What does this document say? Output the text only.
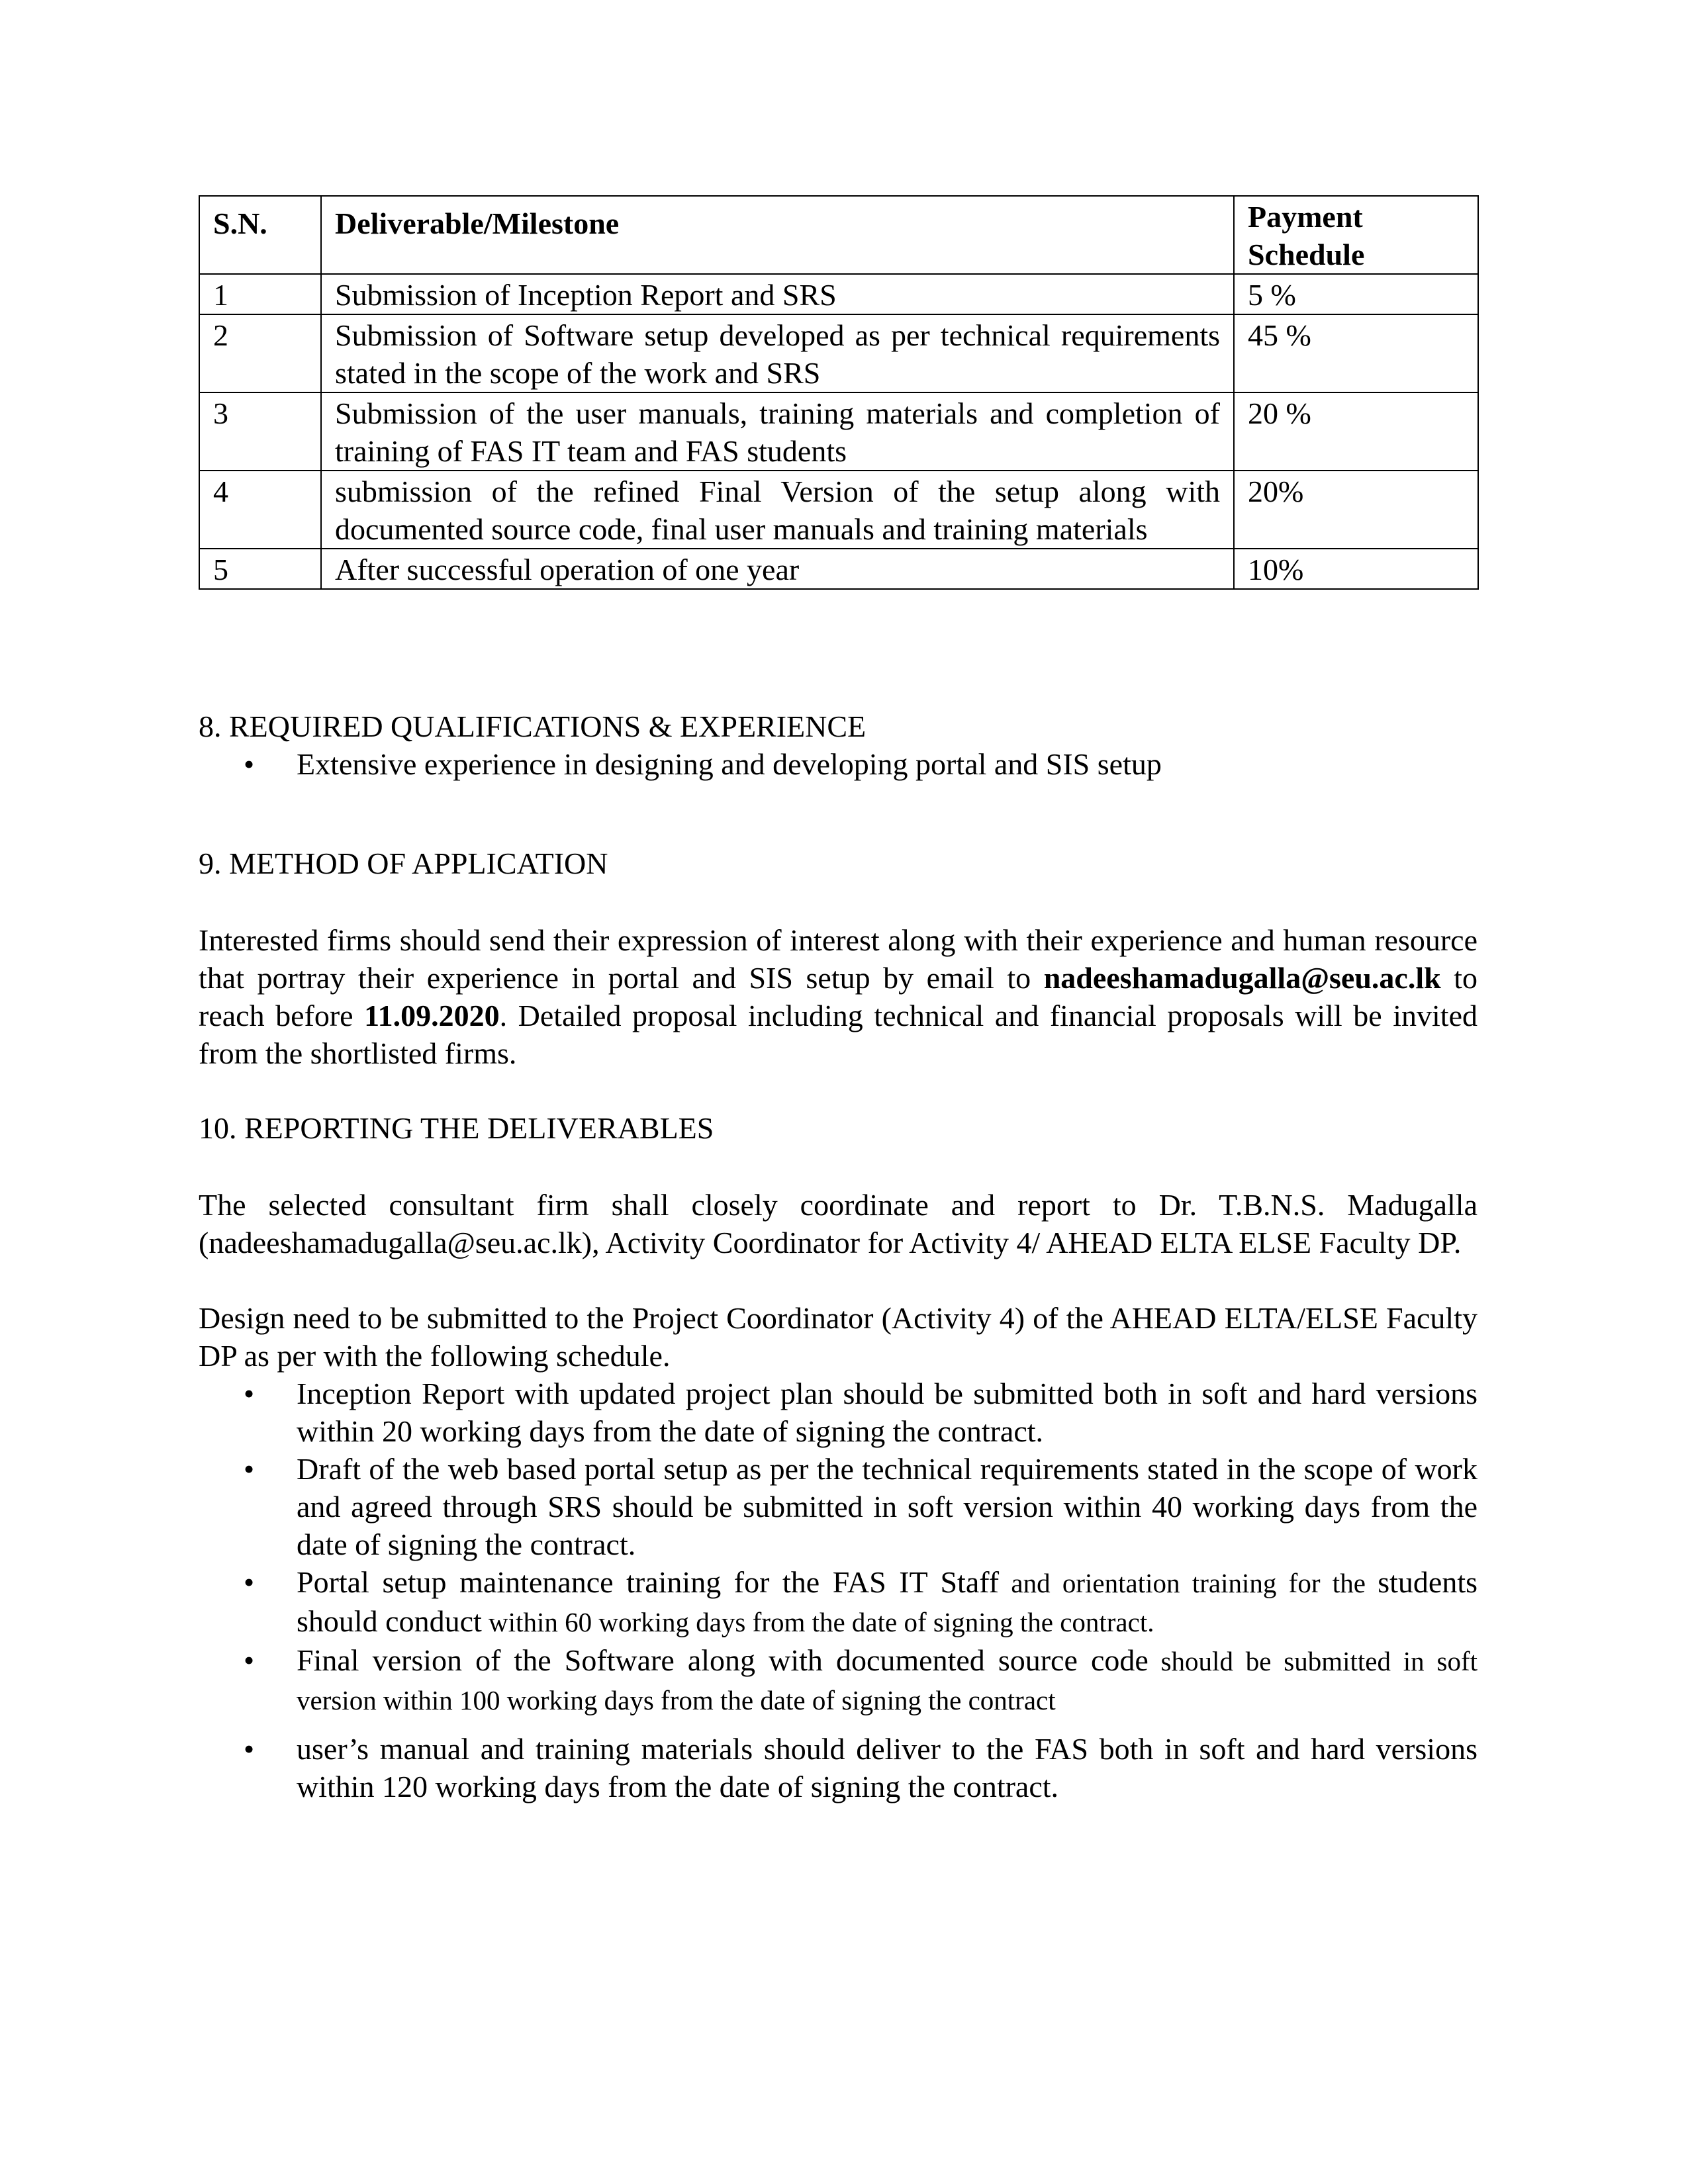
S.N.	Deliverable/Milestone	Payment Schedule
1	Submission of Inception Report and SRS	5 %
2	Submission of Software setup developed as per technical requirements stated in the scope of the work and SRS	45 %
3	Submission of the user manuals, training materials and completion of training of FAS IT team and FAS students	20 %
4	submission of the refined Final Version of the setup along with documented source code, final user manuals and training materials	20%
5	After successful operation of one year	10%

8. REQUIRED QUALIFICATIONS & EXPERIENCE

• Extensive experience in designing and developing portal and SIS setup

9. METHOD OF APPLICATION

Interested firms should send their expression of interest along with their experience and human resource that portray their experience in portal and SIS setup by email to nadeeshamadugalla@seu.ac.lk to reach before 11.09.2020. Detailed proposal including technical and financial proposals will be invited from the shortlisted firms.

10. REPORTING THE DELIVERABLES

The selected consultant firm shall closely coordinate and report to Dr. T.B.N.S. Madugalla (nadeeshamadugalla@seu.ac.lk), Activity Coordinator for Activity 4/ AHEAD ELTA ELSE Faculty DP.

Design need to be submitted to the Project Coordinator (Activity 4) of the AHEAD ELTA/ELSE Faculty DP as per with the following schedule.

• Inception Report with updated project plan should be submitted both in soft and hard versions within 20 working days from the date of signing the contract.
• Draft of the web based portal setup as per the technical requirements stated in the scope of work and agreed through SRS should be submitted in soft version within 40 working days from the date of signing the contract.
• Portal setup maintenance training for the FAS IT Staff and orientation training for the students should conduct within 60 working days from the date of signing the contract.
• Final version of the Software along with documented source code should be submitted in soft version within 100 working days from the date of signing the contract
• user’s manual and training materials should deliver to the FAS both in soft and hard versions within 120 working days from the date of signing the contract.
